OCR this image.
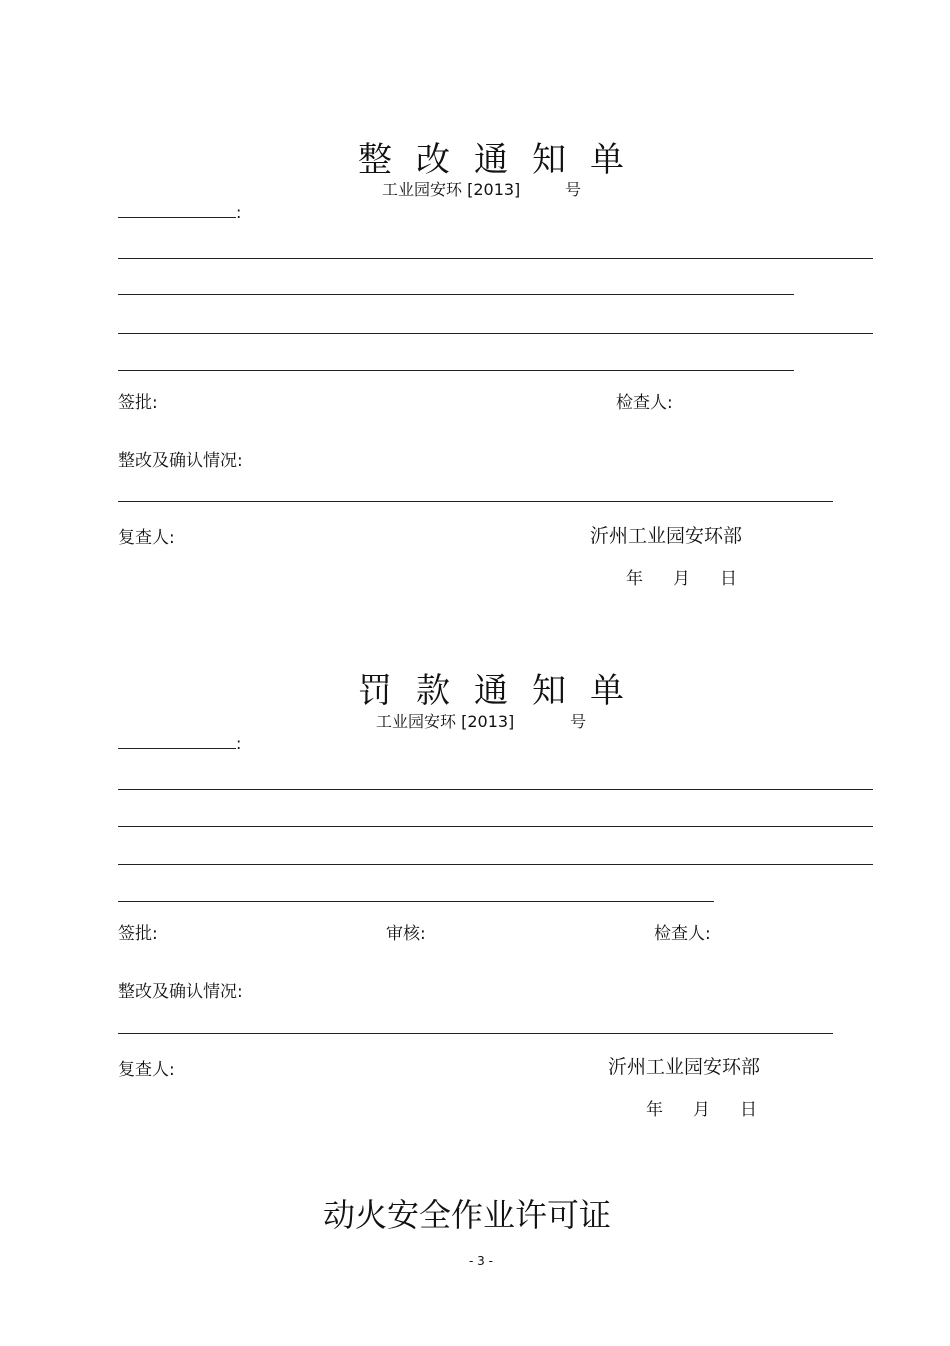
整 改 通 知 单
工业园安环 [2013]	号
:
签批:	检查人:
整改及确认情况:
复查人:	沂州工业园安环部
年 月 日
罚 款 通 知 单
工业园安环 [2013]	号
:
签批:	审核:	检查人:
整改及确认情况:
复查人:	沂州工业园安环部
年 月 日
动火安全作业许可证
- 3 -
